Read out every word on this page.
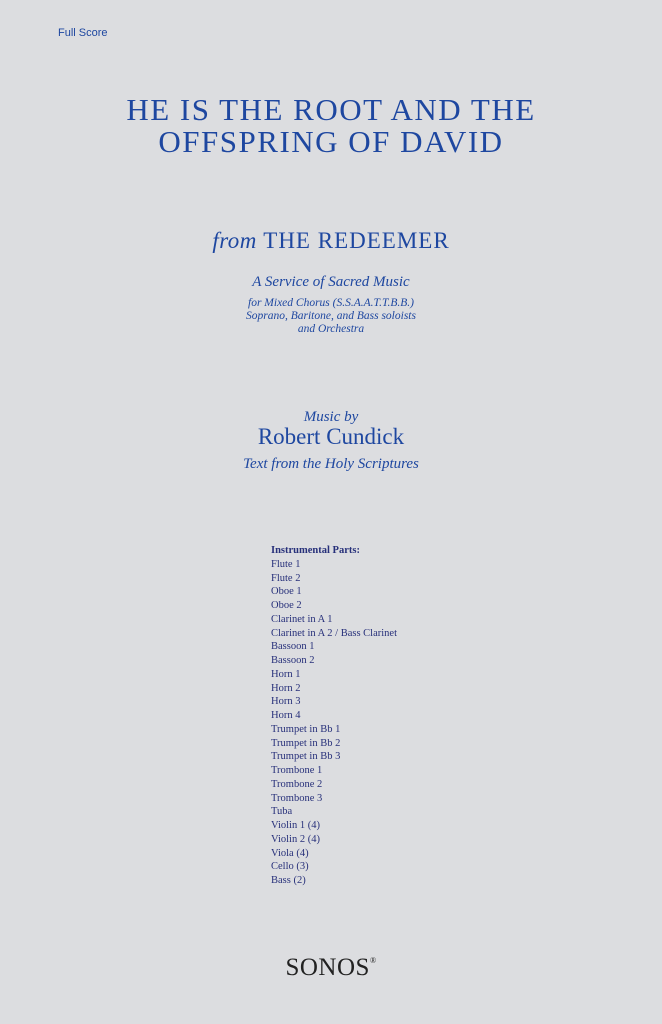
Full Score
HE IS THE ROOT AND THE
OFFSPRING OF DAVID
from THE REDEEMER
A Service of Sacred Music
for Mixed Chorus (S.S.A.A.T.T.B.B.)
Soprano, Baritone, and Bass soloists
and Orchestra
Music by
Robert Cundick
Text from the Holy Scriptures
Instrumental Parts:
Flute 1
Flute 2
Oboe 1
Oboe 2
Clarinet in A 1
Clarinet in A 2 / Bass Clarinet
Bassoon 1
Bassoon 2
Horn 1
Horn 2
Horn 3
Horn 4
Trumpet in Bb 1
Trumpet in Bb 2
Trumpet in Bb 3
Trombone 1
Trombone 2
Trombone 3
Tuba
Violin 1 (4)
Violin 2 (4)
Viola (4)
Cello (3)
Bass (2)
SONOS®
